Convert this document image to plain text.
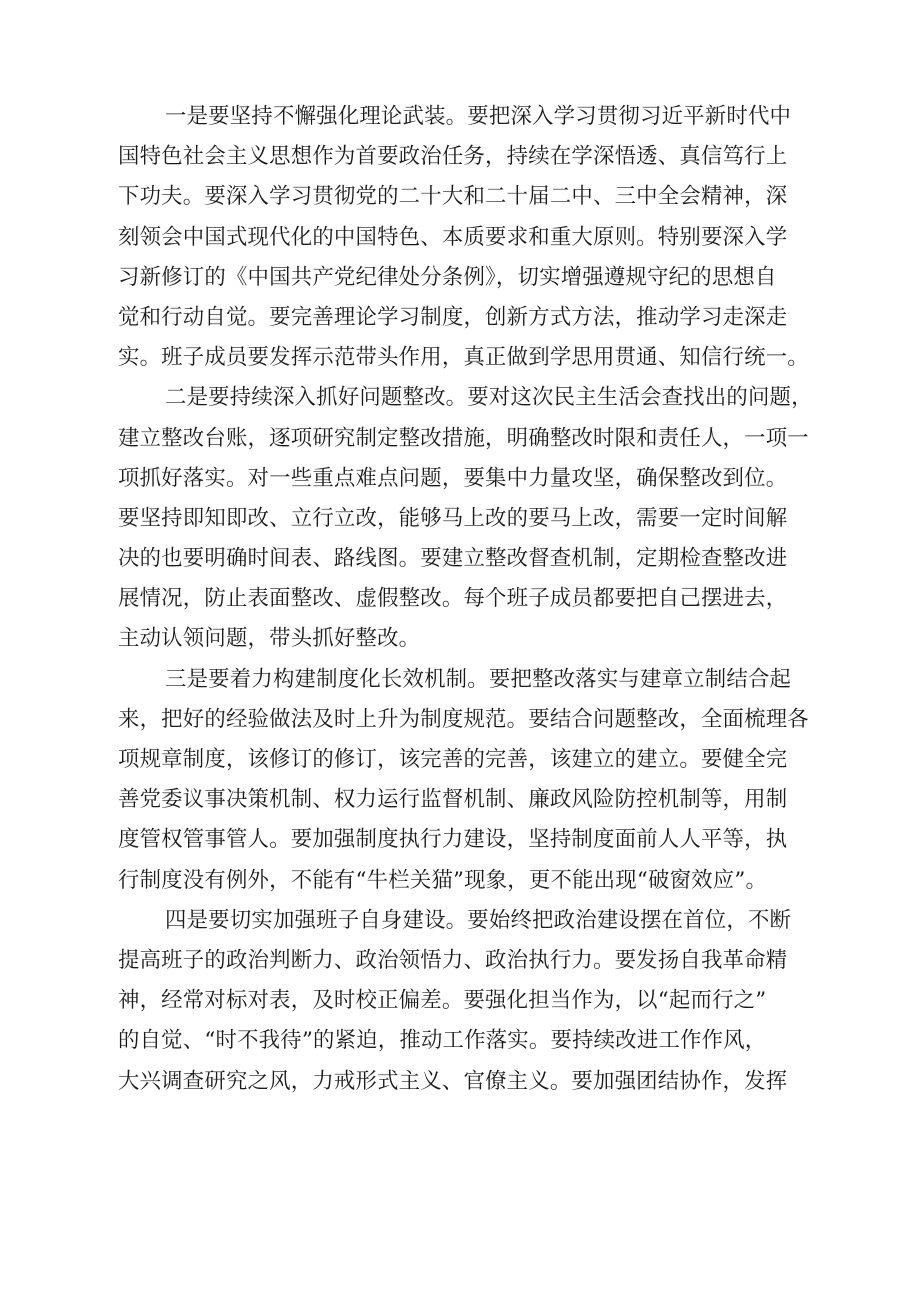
一是要坚持不懈强化理论武装。要把深入学习贯彻习近平新时代中
国特色社会主义思想作为首要政治任务，持续在学深悟透、真信笃行上
下功夫。要深入学习贯彻党的二十大和二十届二中、三中全会精神，深
刻领会中国式现代化的中国特色、本质要求和重大原则。特别要深入学
习新修订的《中国共产党纪律处分条例》，切实增强遵规守纪的思想自
觉和行动自觉。要完善理论学习制度，创新方式方法，推动学习走深走
实。班子成员要发挥示范带头作用，真正做到学思用贯通、知信行统一。
二是要持续深入抓好问题整改。要对这次民主生活会查找出的问题，
建立整改台账，逐项研究制定整改措施，明确整改时限和责任人，一项一
项抓好落实。对一些重点难点问题，要集中力量攻坚，确保整改到位。
要坚持即知即改、立行立改，能够马上改的要马上改，需要一定时间解
决的也要明确时间表、路线图。要建立整改督查机制，定期检查整改进
展情况，防止表面整改、虚假整改。每个班子成员都要把自己摆进去，
主动认领问题，带头抓好整改。
三是要着力构建制度化长效机制。要把整改落实与建章立制结合起
来，把好的经验做法及时上升为制度规范。要结合问题整改，全面梳理各
项规章制度，该修订的修订，该完善的完善，该建立的建立。要健全完
善党委议事决策机制、权力运行监督机制、廉政风险防控机制等，用制
度管权管事管人。要加强制度执行力建设，坚持制度面前人人平等，执
行制度没有例外，不能有“牛栏关猫”现象，更不能出现“破窗效应”。
四是要切实加强班子自身建设。要始终把政治建设摆在首位，不断
提高班子的政治判断力、政治领悟力、政治执行力。要发扬自我革命精
神，经常对标对表，及时校正偏差。要强化担当作为，以“起而行之”
的自觉、“时不我待”的紧迫，推动工作落实。要持续改进工作作风，
大兴调查研究之风，力戒形式主义、官僚主义。要加强团结协作，发挥
